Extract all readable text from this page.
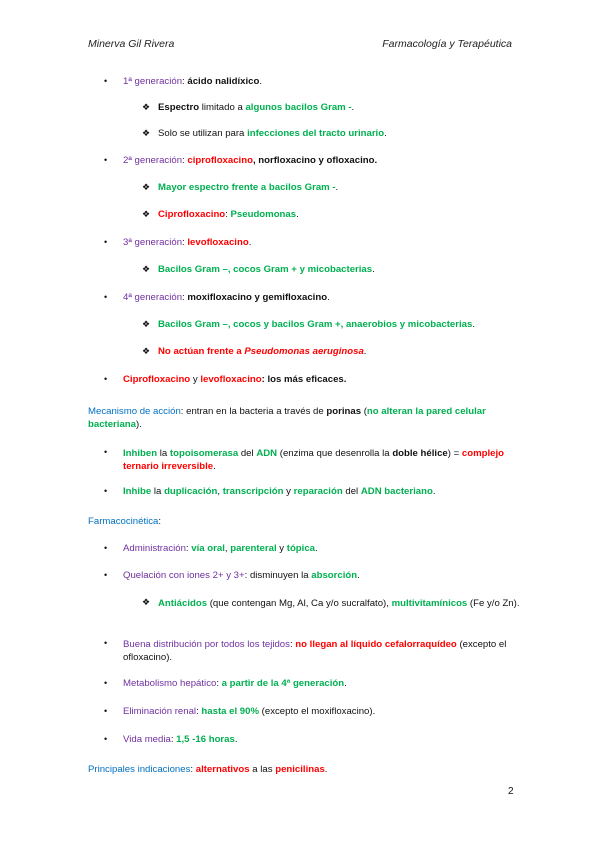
Minerva Gil Rivera	Farmacología y Terapéutica
• 1ª generación: ácido nalidíxico.
❖ Espectro limitado a algunos bacilos Gram -.
❖ Solo se utilizan para infecciones del tracto urinario.
• 2ª generación: ciprofloxacino, norfloxacino y ofloxacino.
❖ Mayor espectro frente a bacilos Gram -.
❖ Ciprofloxacino: Pseudomonas.
• 3ª generación: levofloxacino.
❖ Bacilos Gram –, cocos Gram + y micobacterias.
• 4ª generación: moxifloxacino y gemifloxacino.
❖ Bacilos Gram –, cocos y bacilos Gram +, anaerobios y micobacterias.
❖ No actúan frente a Pseudomonas aeruginosa.
• Ciprofloxacino y levofloxacino: los más eficaces.
Mecanismo de acción: entran en la bacteria a través de porinas (no alteran la pared celular bacteriana).
• Inhiben la topoisomerasa del ADN (enzima que desenrolla la doble hélice) = complejo ternario irreversible.
• Inhibe la duplicación, transcripción y reparación del ADN bacteriano.
Farmacocinética:
• Administración: vía oral, parenteral y tópica.
• Quelación con iones 2+ y 3+: disminuyen la absorción.
❖ Antiácidos (que contengan Mg, Al, Ca y/o sucralfato), multivitamínicos (Fe y/o Zn).
• Buena distribución por todos los tejidos: no llegan al líquido cefalorraquídeo (excepto el ofloxacino).
• Metabolismo hepático: a partir de la 4ª generación.
• Eliminación renal: hasta el 90% (excepto el moxifloxacino).
• Vida media: 1,5 -16 horas.
Principales indicaciones: alternativos a las penicilinas.
2
